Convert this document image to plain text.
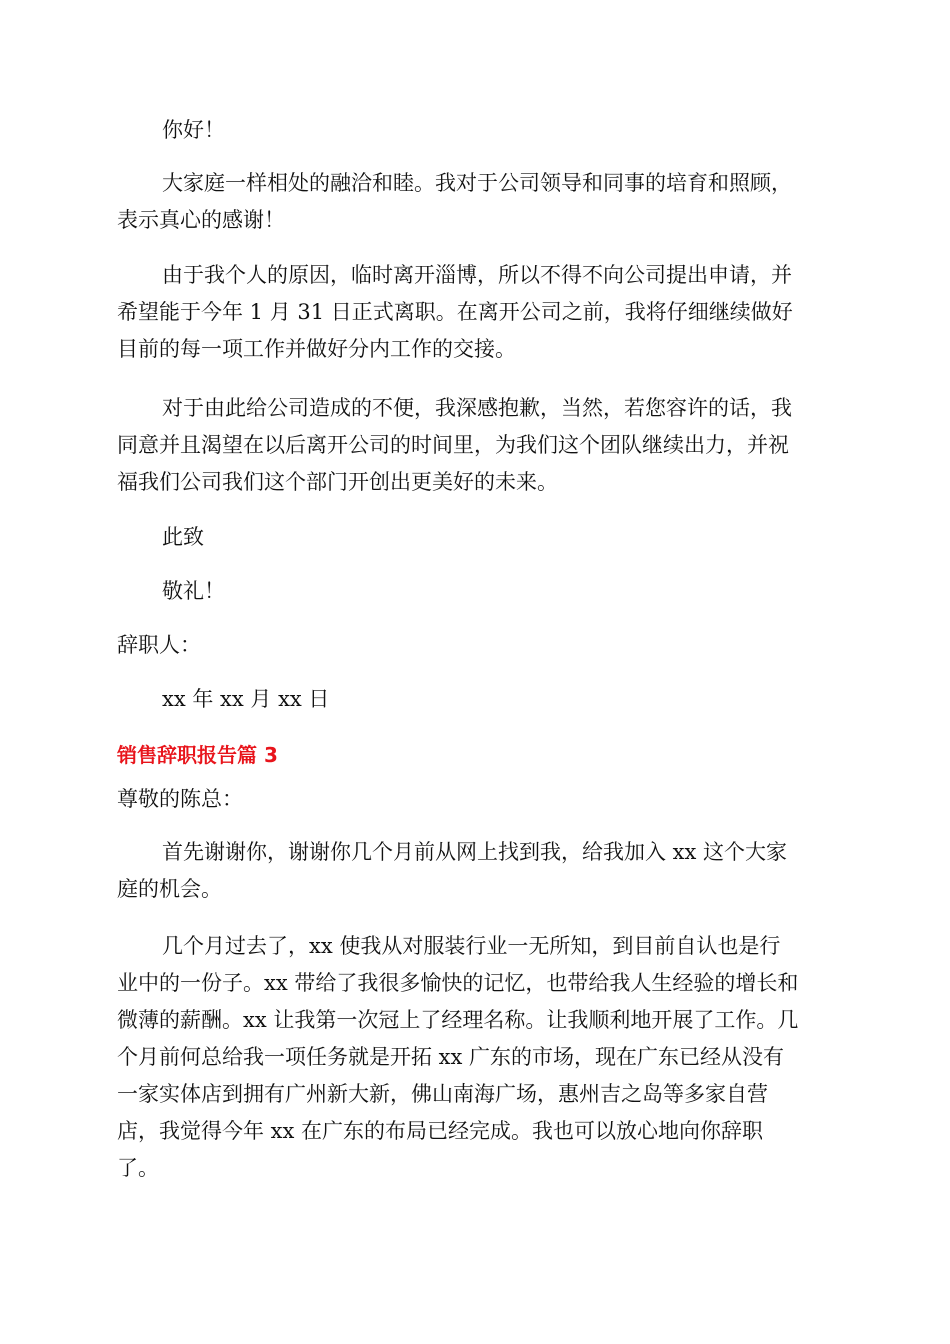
你好！

大家庭一样相处的融洽和睦。我对于公司领导和同事的培育和照顾，
表示真心的感谢！

由于我个人的原因，临时离开淄博，所以不得不向公司提出申请，并
希望能于今年 1 月 31 日正式离职。在离开公司之前，我将仔细继续做好
目前的每一项工作并做好分内工作的交接。

对于由此给公司造成的不便，我深感抱歉，当然，若您容许的话，我
同意并且渴望在以后离开公司的时间里，为我们这个团队继续出力，并祝
福我们公司我们这个部门开创出更美好的未来。

此致

敬礼！

辞职人：

xx 年 xx 月 xx 日

销售辞职报告篇 3

尊敬的陈总：

首先谢谢你，谢谢你几个月前从网上找到我，给我加入 xx 这个大家
庭的机会。

几个月过去了，xx 使我从对服装行业一无所知，到目前自认也是行
业中的一份子。xx 带给了我很多愉快的记忆，也带给我人生经验的增长和
微薄的薪酬。xx 让我第一次冠上了经理名称。让我顺利地开展了工作。几
个月前何总给我一项任务就是开拓 xx 广东的市场，现在广东已经从没有
一家实体店到拥有广州新大新，佛山南海广场，惠州吉之岛等多家自营
店，我觉得今年 xx 在广东的布局已经完成。我也可以放心地向你辞职
了。
